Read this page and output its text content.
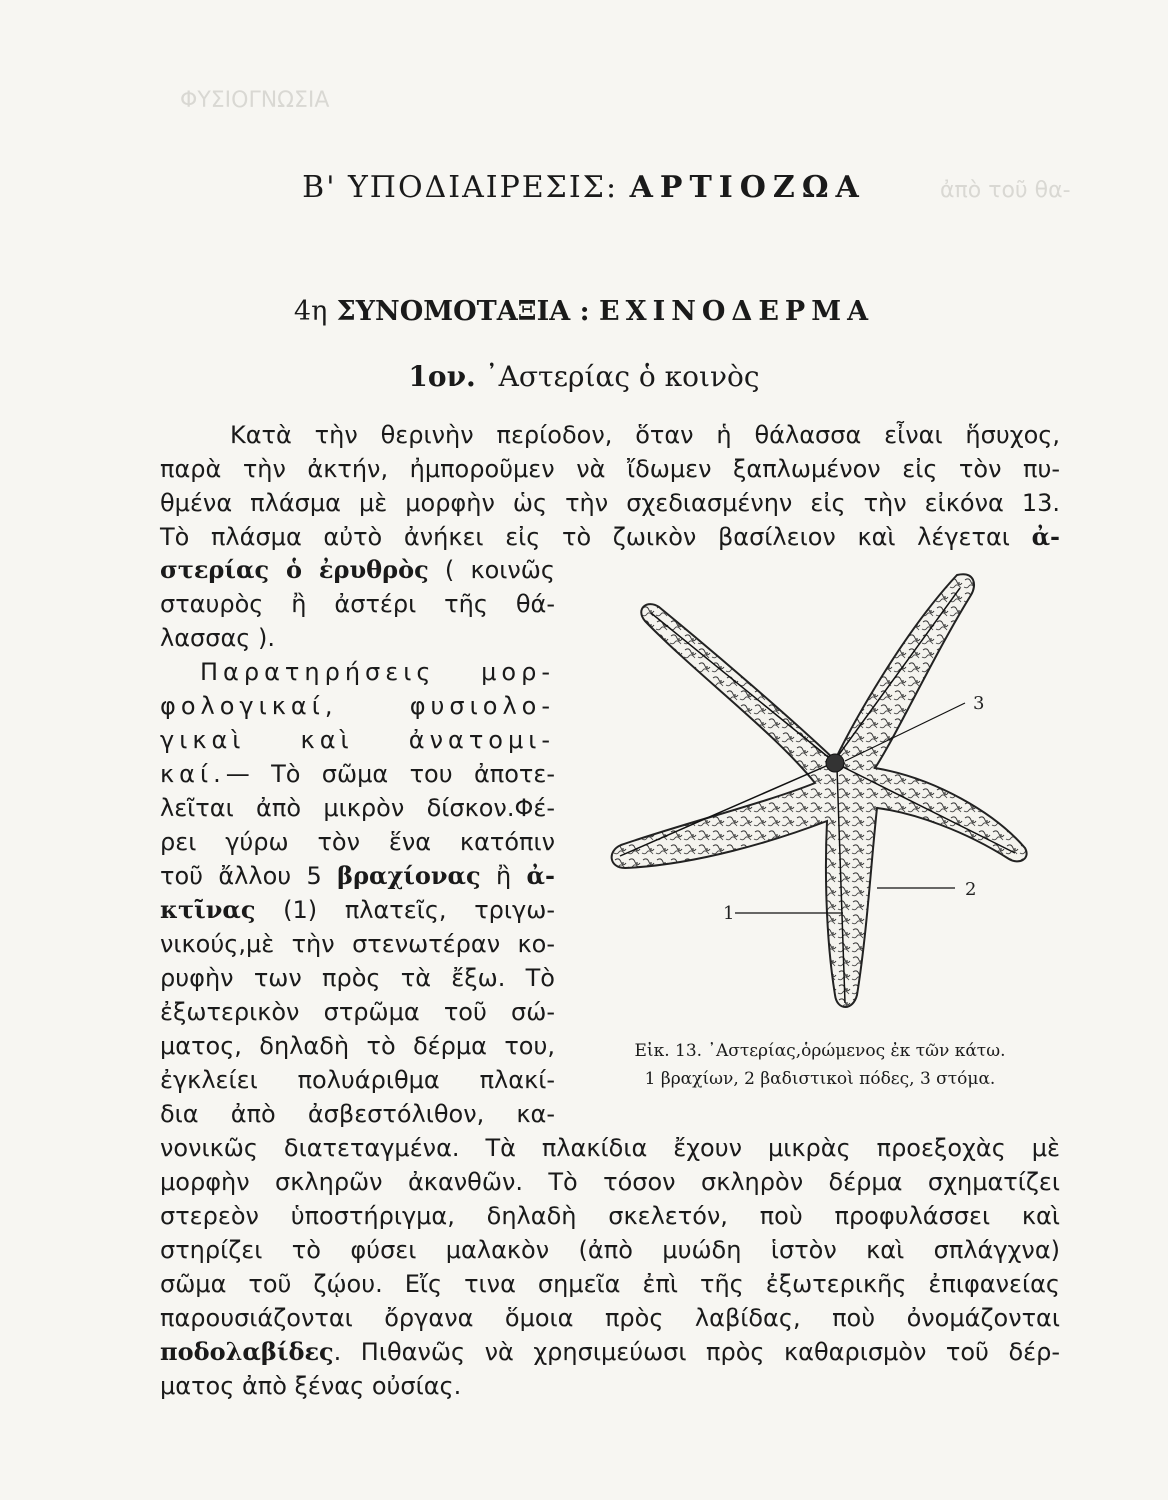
ΦΥΣΙΟΓΝΩΣΙΑ
ἀπὸ τοῦ θα-
Β' ΥΠΟΔΙΑΙΡΕΣΙΣ: ΑΡΤΙΟΖΩΑ
4η ΣΥΝΟΜΟΤΑΞΙΑ : ΕΧΙΝΟΔΕΡΜΑ
1ον. ᾿Αστερίας ὁ κοινὸς
Κατὰ τὴν θερινὴν περίοδον, ὅταν ἡ θάλασσα εἶναι ἥσυχος,
παρὰ τὴν ἀκτήν, ἠμποροῦμεν νὰ ἴδωμεν ξαπλωμένον εἰς τὸν πυ-
θμένα πλάσμα μὲ μορφὴν ὡς τὴν σχεδιασμένην εἰς τὴν εἰκόνα 13.
Τὸ πλάσμα αὐτὸ ἀνήκει εἰς τὸ ζωικὸν βασίλειον καὶ λέγεται ἀ-
στερίας ὁ ἐρυθρὸς ( κοινῶς
σταυρὸς ἢ ἀστέρι τῆς θά-
λασσας ).
Παρατηρήσεις μορ-
φολογικαί, φυσιολο-
γικαὶ καὶ ἀνατομι-
καί.— Τὸ σῶμα του ἀποτε-
λεῖται ἀπὸ μικρὸν δίσκον.Φέ-
ρει γύρω τὸν ἕνα κατόπιν
τοῦ ἄλλου 5 βραχίονας ἢ ἀ-
κτῖνας (1) πλατεῖς, τριγω-
νικούς,μὲ τὴν στενωτέραν κο-
ρυφὴν των πρὸς τὰ ἔξω. Τὸ
ἐξωτερικὸν στρῶμα τοῦ σώ-
ματος, δηλαδὴ τὸ δέρμα του,
ἐγκλείει πολυάριθμα πλακί-
δια ἀπὸ ἀσβεστόλιθον, κα-
νονικῶς διατεταγμένα. Τὰ πλακίδια ἔχουν μικρὰς προεξοχὰς μὲ
μορφὴν σκληρῶν ἀκανθῶν. Τὸ τόσον σκληρὸν δέρμα σχηματίζει
στερεὸν ὑποστήριγμα, δηλαδὴ σκελετόν, ποὺ προφυλάσσει καὶ
στηρίζει τὸ φύσει μαλακὸν (ἀπὸ μυώδη ἱστὸν καὶ σπλάγχνα)
σῶμα τοῦ ζῴου. Εἴς τινα σημεῖα ἐπὶ τῆς ἐξωτερικῆς ἐπιφανείας
παρουσιάζονται ὄργανα ὅμοια πρὸς λαβίδας, ποὺ ὀνομάζονται
ποδολαβίδες. Πιθανῶς νὰ χρησιμεύωσι πρὸς καθαρισμὸν τοῦ δέρ-
ματος ἀπὸ ξένας οὐσίας.
3
2
1
Εἰκ. 13. ᾿Αστερίας,ὁρώμενος ἐκ τῶν κάτω.
1 βραχίων, 2 βαδιστικοὶ πόδες, 3 στόμα.
